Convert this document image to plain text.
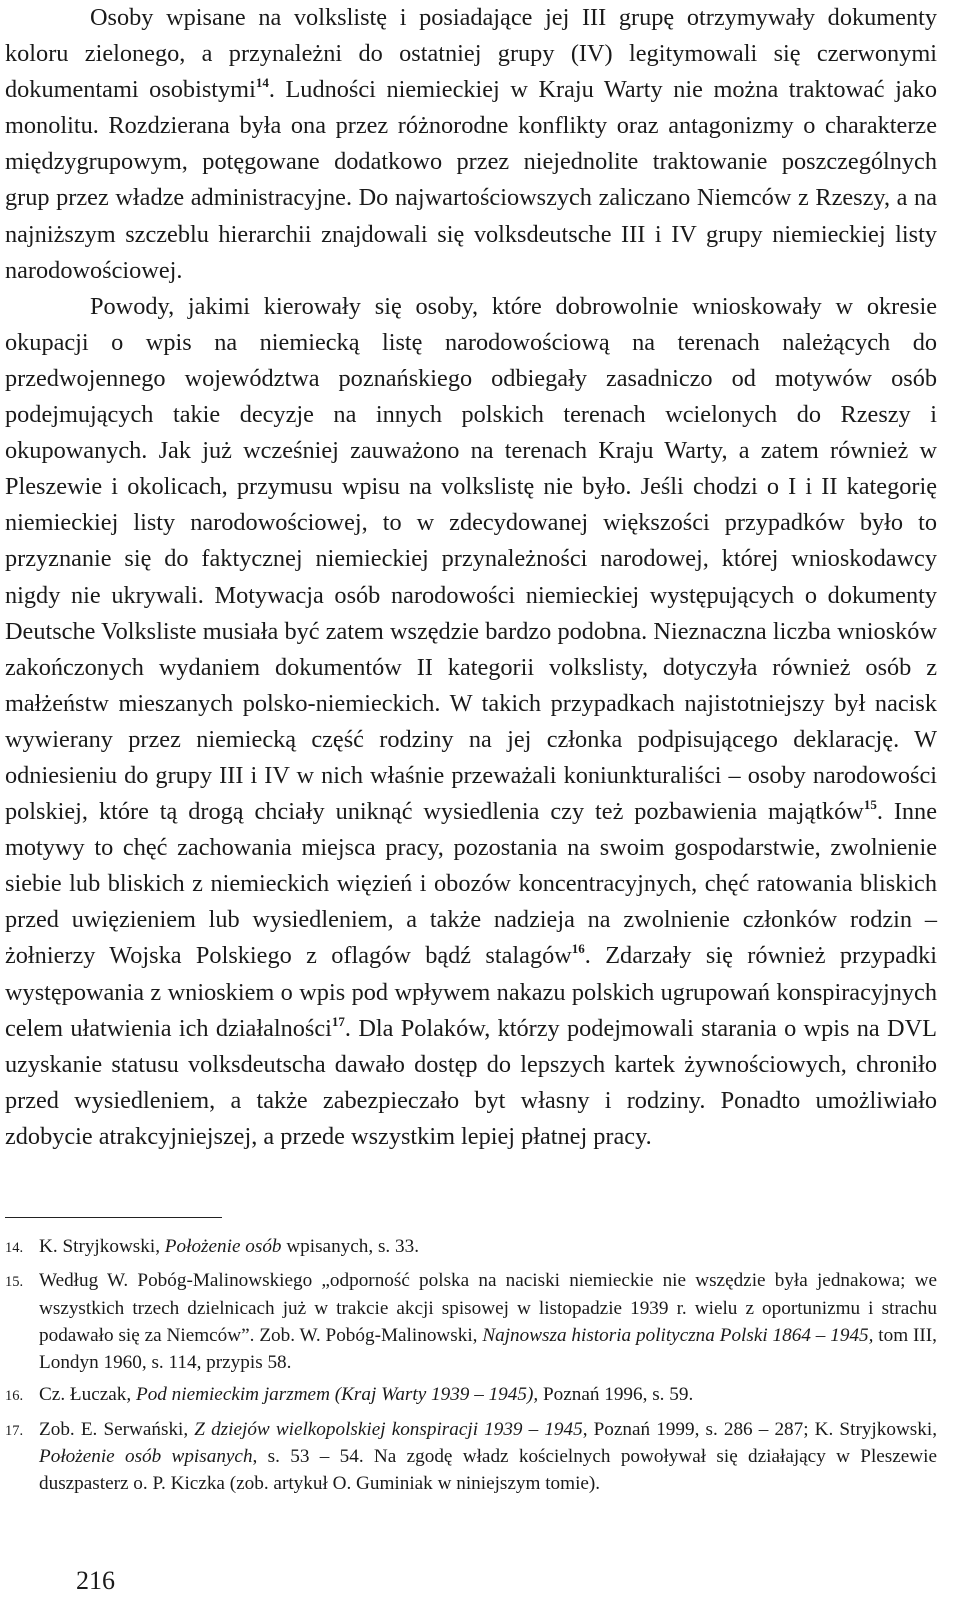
Osoby wpisane na volkslistę i posiadające jej III grupę otrzymywały dokumenty koloru zielonego, a przynależni do ostatniej grupy (IV) legitymowali się czerwonymi dokumentami osobistymi$^{14}$. Ludności niemieckiej w Kraju Warty nie można traktować jako monolitu. Rozdzierana była ona przez różnorodne konflikty oraz antagonizmy o charakterze międzygrupowym, potęgowane dodatkowo przez niejednolite traktowanie poszczególnych grup przez władze administracyjne. Do najwartościowszych zaliczano Niemców z Rzeszy, a na najniższym szczeblu hierarchii znajdowali się volksdeutsche III i IV grupy niemieckiej listy narodowościowej.

Powody, jakimi kierowały się osoby, które dobrowolnie wnioskowały w okresie okupacji o wpis na niemiecką listę narodowościową na terenach należących do przedwojennego województwa poznańskiego odbiegały zasadniczo od motywów osób podejmujących takie decyzje na innych polskich terenach wcielonych do Rzeszy i okupowanych. Jak już wcześniej zauważono na terenach Kraju Warty, a zatem również w Pleszewie i okolicach, przymusu wpisu na volkslistę nie było. Jeśli chodzi o I i II kategorię niemieckiej listy narodowościowej, to w zdecydowanej większości przypadków było to przyznanie się do faktycznej niemieckiej przynależności narodowej, której wnioskodawcy nigdy nie ukrywali. Motywacja osób narodowości niemieckiej występujących o dokumenty Deutsche Volksliste musiała być zatem wszędzie bardzo podobna. Nieznaczna liczba wniosków zakończonych wydaniem dokumentów II kategorii volkslisty, dotyczyła również osób z małżeństw mieszanych polsko-niemieckich. W takich przypadkach najistotniejszy był nacisk wywierany przez niemiecką część rodziny na jej członka podpisującego deklarację. W odniesieniu do grupy III i IV w nich właśnie przeważali koniunkturaliści – osoby narodowości polskiej, które tą drogą chciały uniknąć wysiedlenia czy też pozbawienia majątków$^{15}$. Inne motywy to chęć zachowania miejsca pracy, pozostania na swoim gospodarstwie, zwolnienie siebie lub bliskich z niemieckich więzień i obozów koncentracyjnych, chęć ratowania bliskich przed uwięzieniem lub wysiedleniem, a także nadzieja na zwolnienie członków rodzin – żołnierzy Wojska Polskiego z oflagów bądź stalagów$^{16}$. Zdarzały się również przypadki występowania z wnioskiem o wpis pod wpływem nakazu polskich ugrupowań konspiracyjnych celem ułatwienia ich działalności$^{17}$. Dla Polaków, którzy podejmowali starania o wpis na DVL uzyskanie statusu volksdeutscha dawało dostęp do lepszych kartek żywnościowych, chroniło przed wysiedleniem, a także zabezpieczało byt własny i rodziny. Ponadto umożliwiało zdobycie atrakcyjniejszej, a przede wszystkim lepiej płatnej pracy.

14. K. Stryjkowski, Położenie osób wpisanych, s. 33.
15. Według W. Pobóg-Malinowskiego „odporność polska na naciski niemieckie nie wszędzie była jednakowa; we wszystkich trzech dzielnicach już w trakcie akcji spisowej w listopadzie 1939 r. wielu z oportunizmu i strachu podawało się za Niemców”. Zob. W. Pobóg-Malinowski, Najnowsza historia polityczna Polski 1864 – 1945, tom III, Londyn 1960, s. 114, przypis 58.
16. Cz. Łuczak, Pod niemieckim jarzmem (Kraj Warty 1939 – 1945), Poznań 1996, s. 59.
17. Zob. E. Serwański, Z dziejów wielkopolskiej konspiracji 1939 – 1945, Poznań 1999, s. 286 – 287; K. Stryjkowski, Położenie osób wpisanych, s. 53 – 54. Na zgodę władz kościelnych powoływał się działający w Pleszewie duszpasterz o. P. Kiczka (zob. artykuł O. Guminiak w niniejszym tomie).
216
